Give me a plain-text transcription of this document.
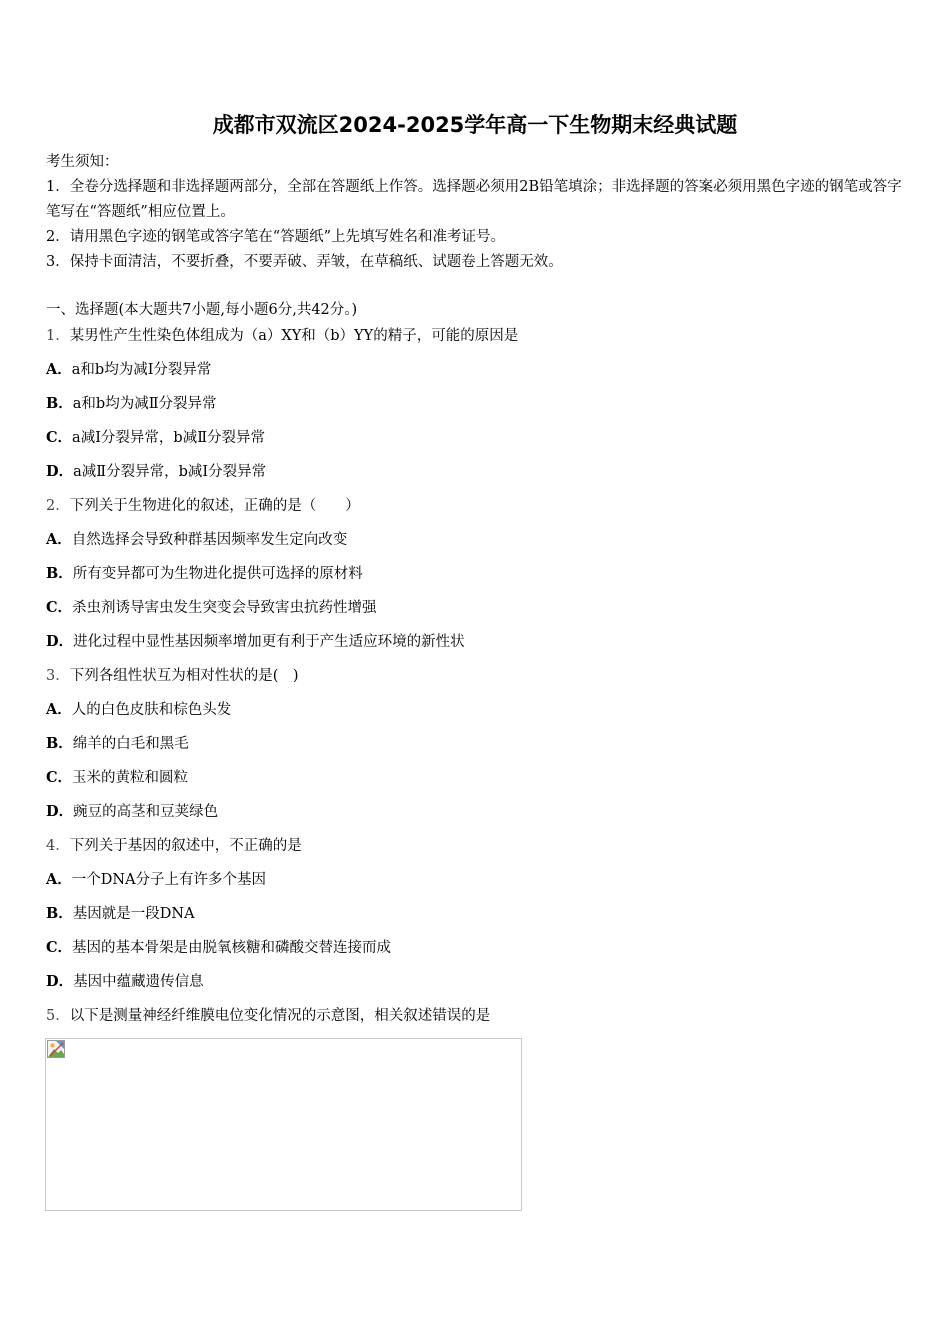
成都市双流区2024-2025学年高一下生物期末经典试题
考生须知：
1．全卷分选择题和非选择题两部分，全部在答题纸上作答。选择题必须用2B铅笔填涂；非选择题的答案必须用黑色字迹的钢笔或答字笔写在“答题纸”相应位置上。
2．请用黑色字迹的钢笔或答字笔在“答题纸”上先填写姓名和准考证号。
3．保持卡面清洁，不要折叠，不要弄破、弄皱，在草稿纸、试题卷上答题无效。
一、选择题(本大题共7小题,每小题6分,共42分。)
1．某男性产生性染色体组成为（a）XY和（b）YY的精子，可能的原因是
A．a和b均为减Ⅰ分裂异常
B．a和b均为减Ⅱ分裂异常
C．a减Ⅰ分裂异常，b减Ⅱ分裂异常
D．a减Ⅱ分裂异常，b减Ⅰ分裂异常
2．下列关于生物进化的叙述，正确的是（　　）
A．自然选择会导致种群基因频率发生定向改变
B．所有变异都可为生物进化提供可选择的原材料
C．杀虫剂诱导害虫发生突变会导致害虫抗药性增强
D．进化过程中显性基因频率增加更有利于产生适应环境的新性状
3．下列各组性状互为相对性状的是(　)
A．人的白色皮肤和棕色头发
B．绵羊的白毛和黑毛
C．玉米的黄粒和圆粒
D．豌豆的高茎和豆荚绿色
4．下列关于基因的叙述中，不正确的是
A．一个DNA分子上有许多个基因
B．基因就是一段DNA
C．基因的基本骨架是由脱氧核糖和磷酸交替连接而成
D．基因中蕴藏遗传信息
5．以下是测量神经纤维膜电位变化情况的示意图，相关叙述错误的是
